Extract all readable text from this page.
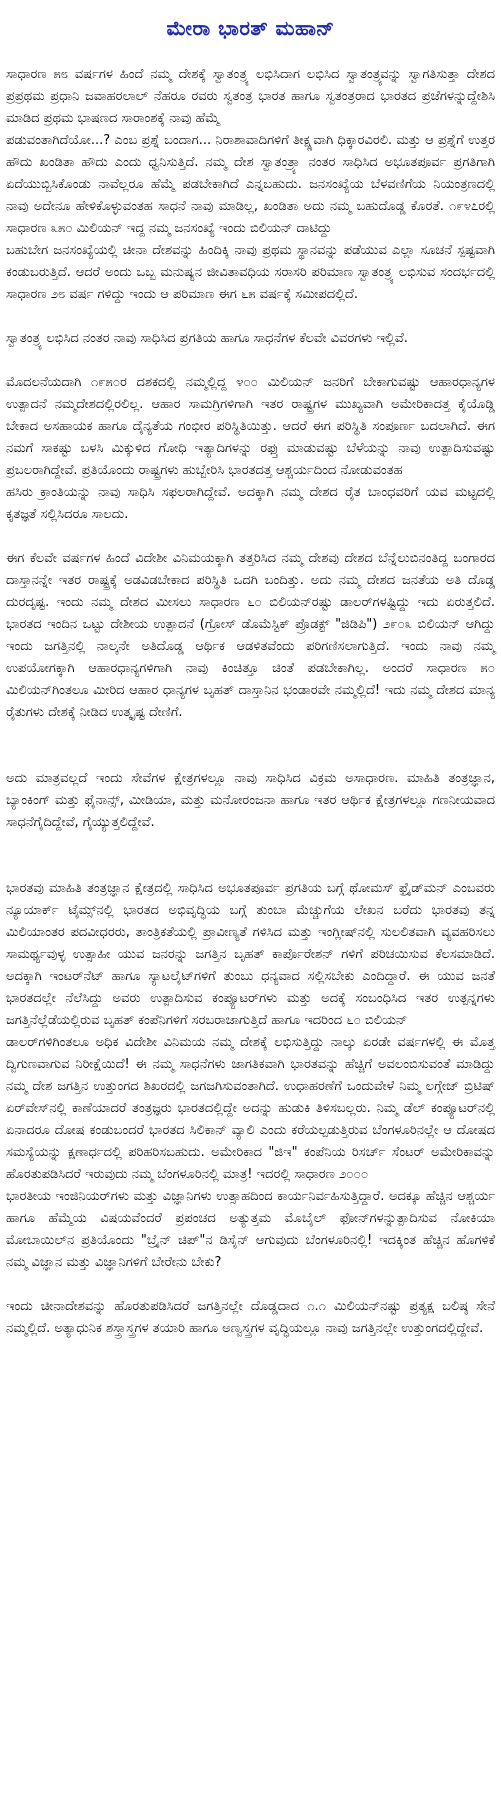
ಮೇರಾ ಭಾರತ್ ಮಹಾನ್

ಸಾಧಾರಣ ೫೮ ವರ್ಷಗಳ ಹಿಂದೆ ನಮ್ಮ ದೇಶಕ್ಕೆ ಸ್ವಾತಂತ್ರ್ಯ ಲಭಿಸಿದಾಗ ಲಭಿಸಿದ ಸ್ವಾತಂತ್ರ್ಯವನ್ನು ಸ್ವಾಗತಿಸುತ್ತಾ ದೇಶದ ಪ್ರಪ್ರಥಮ ಪ್ರಧಾನಿ ಜವಾಹರಲಾಲ್ ನೆಹರೂ ರವರು ಸ್ವತಂತ್ರ ಭಾರತ ಹಾಗೂ ಸ್ವತಂತ್ರರಾದ ಭಾರತದ ಪ್ರಜೆಗಳನ್ನುದ್ದೇಶಿಸಿ ಮಾಡಿದ ಪ್ರಥಮ ಭಾಷಣದ ಸಾರಾಂಶಕ್ಕೆ ನಾವು ಹೆಮ್ಮೆ

ಪಡುವಂತಾಗಿದೆಯೋ...? ಎಂಬ ಪ್ರಶ್ನೆ ಬಂದಾಗ... ನಿರಾಶಾವಾದಿಗಳಿಗೆ ತೀಕ್ಷ್ಣವಾಗಿ ಧಿಕ್ಕಾರವಿರಲಿ. ಮತ್ತು ಆ ಪ್ರಶ್ನೆಗೆ ಉತ್ತರ ಹೌದು ಖಂಡಿತಾ ಹೌದು ಎಂದು ಧ್ವನಿಸುತ್ತಿದೆ. ನಮ್ಮ ದೇಶ ಸ್ವಾತಂತ್ರ್ಯಾ ನಂತರ ಸಾಧಿಸಿದ ಅಭೂತಪೂರ್ವ ಪ್ರಗತಿಗಾಗಿ ಏದೆಯುಬ್ಬಿಸಿಕೊಂಡು ನಾವೆಲ್ಲರೂ ಹೆಮ್ಮೆ ಪಡಬೇಕಾಗಿದೆ ಎನ್ನಬಹುದು. ಜನಸಂಖ್ಯೆಯ ಬೆಳವಣಿಗೆಯ ನಿಯಂತ್ರಣದಲ್ಲಿ ನಾವು ಅದೇನೂ ಹೇಳಿಕೊಳ್ಳುವಂತಹ ಸಾಧನೆ ನಾವು ಮಾಡಿಲ್ಲ, ಖಂಡಿತಾ ಅದು ನಮ್ಮ ಬಹುದೊಡ್ಡ ಕೊರತೆ. ೧೯೪೭ರಲ್ಲಿ ಸಾಧಾರಣ ೩೫೦ ಮಿಲಿಯನ್ ಇದ್ದ ನಮ್ಮ ಜನಸಂಖ್ಯೆ ಇಂದು ಬಿಲಿಯನ್ ದಾಟಿದ್ದು

ಬಹುಬೇಗ ಜನಸಂಖ್ಯೆಯಲ್ಲಿ ಚೀನಾ ದೇಶವನ್ನು ಹಿಂದಿಕ್ಕಿ ನಾವು ಪ್ರಥಮ ಸ್ಥಾನವನ್ನು ಪಡೆಯುವ ಎಲ್ಲಾ ಸೂಚನೆ ಸ್ಪಷ್ಟವಾಗಿ ಕಂಡುಬರುತ್ತಿದೆ. ಆದರೆ ಅಂದು ಒಬ್ಬ ಮನುಷ್ಯನ ಜೀವಿತಾವಧಿಯ ಸರಾಸರಿ ಪರಿಮಾಣ ಸ್ವಾತಂತ್ರ್ಯ ಲಭಿಸುವ ಸಂದರ್ಭದಲ್ಲಿ ಸಾಧಾರಣ ೨೮ ವರ್ಷ ಗಳಿದ್ದು ಇಂದು ಆ ಪರಿಮಾಣ ಈಗ ೬೫ ವರ್ಷಕ್ಕೆ ಸಮೀಪದಲ್ಲಿದೆ.

ಸ್ವಾತಂತ್ರ್ಯ ಲಭಿಸಿದ ನಂತರ ನಾವು ಸಾಧಿಸಿದ ಪ್ರಗತಿಯ ಹಾಗೂ ಸಾಧನೆಗಳ ಕೆಲವೇ ವಿವರಗಳು ಇಲ್ಲಿವೆ.

ಮೊದಲನೆಯದಾಗಿ ೧೯೫೦ರ ದಶಕದಲ್ಲಿ ನಮ್ಮಲ್ಲಿದ್ದ ೪೦೦ ಮಿಲಿಯನ್ ಜನರಿಗೆ ಬೇಕಾಗುವಷ್ಟು ಆಹಾರಧಾನ್ಯಗಳ ಉತ್ಪಾದನೆ ನಮ್ಮದೇಶದಲ್ಲಿರಲಿಲ್ಲ. ಆಹಾರ ಸಾಮಗ್ರಿಗಳಿಗಾಗಿ ಇತರ ರಾಷ್ಟ್ರಗಳ ಮುಖ್ಯವಾಗಿ ಅಮೇರಿಕಾದತ್ತ ಕೈಯೊಡ್ಡಿ ಬೇಕಾದ ಅಸಹಾಯಕ ಹಾಗೂ ದೈನ್ಯತೆಯ ಗಂಭೀರ ಪರಿಸ್ಥಿತಿಯಿತ್ತು. ಆದರೆ ಈಗ ಪರಿಸ್ಥಿತಿ ಸಂಪೂರ್ಣ ಬದಲಾಗಿದೆ. ಈಗ ನಮಗೆ ಸಾಕಷ್ಟು ಬಳಸಿ ಮಿಕ್ಕುಳಿದ ಗೋಧಿ ಇತ್ಯಾದಿಗಳನ್ನು ರಫ್ತು ಮಾಡುವಷ್ಟು ಬೆಳೆಯನ್ನು ನಾವು ಉತ್ಪಾದಿಸುವಷ್ಟು ಪ್ರಬಲರಾಗಿದ್ದೇವೆ. ಪ್ರತಿಯೊಂದು ರಾಷ್ಟ್ರಗಳು ಹುಬ್ಬೇರಿಸಿ ಭಾರತದತ್ತ ಆಶ್ಚರ್ಯದಿಂದ ನೋಡುವಂತಹ

ಹಸಿರು ಕ್ರಾಂತಿಯನ್ನು ನಾವು ಸಾಧಿಸಿ ಸಫಲರಾಗಿದ್ದೇವೆ. ಅದಕ್ಕಾಗಿ ನಮ್ಮ ದೇಶದ ರೈತ ಬಾಂಧವರಿಗೆ ಯವ ಮಟ್ಟದಲ್ಲಿ ಕೃತಜ್ಞತೆ ಸಲ್ಲಿಸಿದರೂ ಸಾಲದು.

ಈಗ ಕೆಲವೇ ವರ್ಷಗಳ ಹಿಂದೆ ವಿದೇಶೀ ವಿನಿಮಯಕ್ಕಾಗಿ ತತ್ತರಿಸಿದ ನಮ್ಮ ದೇಶವು ದೇಶದ ಬೆನ್ನೆಲುಬಿನಂತಿದ್ದ ಬಂಗಾರದ ದಾಸ್ತಾನನ್ನೇ ಇತರ ರಾಷ್ಟ್ರಕ್ಕೆ ಅಡವಿಡಬೇಕಾದ ಪರಿಸ್ಥಿತಿ ಒದಗಿ ಬಂದಿತ್ತು. ಅದು ನಮ್ಮ ದೇಶದ ಜನತೆಯ ಅತಿ ದೊಡ್ಡ ದುರದೃಷ್ಟ. ಇಂದು ನಮ್ಮ ದೇಶದ ಮೀಸಲು ಸಾಧಾರಣ ೬೦ ಬಿಲಿಯನ್‌ರಷ್ಟು ಡಾಲರ್‌ಗಳಷ್ಟಿದ್ದು ಇದು ಏರುತ್ತಲಿದೆ. ಭಾರತದ ಇಂದಿನ ಒಟ್ಟು ದೇಶೀಯ ಉತ್ಪಾದನೆ (ಗ್ರೋಸ್ ಡೊಮೆಸ್ಟಿಕ್ ಪ್ರೊಡಕ್ಟ್ "ಜಿಡಿಪಿ") ೨೯೦೩ ಬಿಲಿಯನ್ ಆಗಿದ್ದು ಇಂದು ಜಗತ್ತಿನಲ್ಲಿ ನಾಲ್ಕನೇ ಅತಿದೊಡ್ಡ ಆರ್ಥಿಕ ಆಡಳಿತವೆಂದು ಪರಿಗಣಿಸಲಾಗುತ್ತಿದೆ. ಇಂದು ನಾವು ನಮ್ಮ ಉಪಯೋಗಕ್ಕಾಗಿ ಆಹಾರಧಾನ್ಯಗಳಿಗಾಗಿ ನಾವು ಕಿಂಚಿತ್ತೂ ಚಿಂತೆ ಪಡಬೇಕಾಗಿಲ್ಲ. ಅಂದರೆ ಸಾಧಾರಣ ೫೦ ಮಿಲಿಯನ್‌ಗಿಂತಲೂ ಮೀರಿದ ಆಹಾರ ಧಾನ್ಯಗಳ ಬೃಹತ್ ದಾಸ್ತಾನಿನ ಭಂಡಾರವೇ ನಮ್ಮಲ್ಲಿದೆ! ಇದು ನಮ್ಮ ದೇಶದ ಮಾನ್ಯ ರೈತುಗಳು ದೇಶಕ್ಕೆ ನೀಡಿದ ಉತ್ಕೃಷ್ಟ ದೇಣಿಗೆ.

ಅದು ಮಾತ್ರವಲ್ಲದೆ ಇಂದು ಸೇವೆಗಳ ಕ್ಷೇತ್ರಗಳಲ್ಲೂ ನಾವು ಸಾಧಿಸಿದ ವಿಕ್ರಮ ಅಸಾಧಾರಣ. ಮಾಹಿತಿ ತಂತ್ರಜ್ಞಾನ, ಬ್ಯಾಂಕಿಂಗ್ ಮತ್ತು ಫೈನಾನ್ಸ್, ಮೀಡಿಯಾ, ಮತ್ತು ಮನೋರಂಜನಾ ಹಾಗೂ ಇತರ ಆರ್ಥಿಕ ಕ್ಷೇತ್ರಗಳಲ್ಲೂ ಗಣನೀಯವಾದ ಸಾಧನೆಗೈದಿದ್ದೇವೆ, ಗೈಯ್ಯುತ್ತಲಿದ್ದೇವೆ.

ಭಾರತವು ಮಾಹಿತಿ ತಂತ್ರಜ್ಞಾನ ಕ್ಷೇತ್ರದಲ್ಲಿ ಸಾಧಿಸಿದ ಅಭೂತಪೂರ್ವ ಪ್ರಗತಿಯ ಬಗ್ಗೆ ಥೋಮಸ್ ಫ್ರೈಡ್‌ಮನ್ ಎಂಬವರು ನ್ಯೂಯಾರ್ಕ್ ಟೈಮ್ಸ್‌ನಲ್ಲಿ ಭಾರತದ ಅಭಿವೃದ್ಧಿಯ ಬಗ್ಗೆ ತುಂಬಾ ಮೆಚ್ಚುಗೆಯ ಲೇಖನ ಬರೆದು ಭಾರತವು ತನ್ನ ಮಿಲಿಯಾಂತರ ಪದವೀಧರರು, ತಾಂತ್ರಿಕತೆಯಲ್ಲಿ ಪ್ರಾವೀಣ್ಯತೆ ಗಳಿಸಿದ ಮತ್ತು ಇಂಗ್ಲೀಷ್‌ನಲ್ಲಿ ಸುಲಲಿತವಾಗಿ ವ್ಯವಹರಿಸಲು ಸಾಮರ್ಥ್ಯವುಳ್ಳ ಉತ್ಸಾಹೀ ಯುವ ಜನರನ್ನು ಜಗತ್ತಿನ ಬೃಹತ್ ಕಾರ್ಪೊರೇಶನ್ ಗಳಿಗೆ ಪರಿಚಯಿಸುವ ಕೆಲಸಮಾಡಿದೆ. ಅದಕ್ಕಾಗಿ ಇಂಟರ್‌ನೆಟ್ ಹಾಗೂ ಸ್ಯಾಟಲೈಟ್‌ಗಳಿಗೆ ತುಂಬು ಧನ್ಯವಾದ ಸಲ್ಲಿಸಬೇಕು ಎಂದಿದ್ದಾರೆ. ಈ ಯುವ ಜನತೆ ಭಾರತದಲ್ಲೇ ನೆಲೆಸಿದ್ದು ಅವರು ಉತ್ಪಾದಿಸುವ ಕಂಪ್ಯೂಟರ್‌ಗಳು ಮತ್ತು ಅದಕ್ಕೆ ಸಂಬಂಧಿಸಿದ ಇತರ ಉತ್ಪನ್ನಗಳು ಜಗತ್ತಿನೆಲ್ಲೆಡೆಯಲ್ಲಿರುವ ಬೃಹತ್ ಕಂಪೆನಿಗಳಿಗೆ ಸರಬರಾಜಾಗುತ್ತಿದೆ ಹಾಗೂ ಇದರಿಂದ ೬೦ ಬಿಲಿಯನ್

ಡಾಲರ್‌ಗಳಿಗಿಂತಲೂ ಅಧಿಕ ವಿದೇಶೀ ವಿನಿಮಯ ನಮ್ಮ ದೇಶಕ್ಕೆ ಲಭಿಸುತ್ತಿದ್ದು ನಾಲ್ಕು ಏರಡೇ ವರ್ಷಗಳಲ್ಲಿ ಈ ಮೊತ್ತ ದ್ವಿಗುಣವಾಗುವ ನಿರೀಕ್ಷೆಯಿದೆ! ಈ ನಮ್ಮ ಸಾಧನೆಗಳು ಜಾಗತಿಕವಾಗಿ ಭಾರತವನ್ನು ಹೆಚ್ಚಿಗೆ ಅವಲಂಬಿಸುವಂತೆ ಮಾಡಿದ್ದು ನಮ್ಮ ದೇಶ ಜಗತ್ತಿನ ಉತ್ತುಂಗದ ಶಿಖರದಲ್ಲಿ ಜಗಜಗಿಸುವಂತಾಗಿದೆ. ಉಧಾಹರಣೆಗೆ ಒಂದುವೇಳೆ ನಿಮ್ಮ ಲಗ್ಗೇಜ್ ಬ್ರಿಟಿಷ್ ಏರ್‌ವೇಸ್‌ನಲ್ಲಿ ಕಾಣೆಯಾದರೆ ತಂತ್ರಜ್ಞರು ಭಾರತದಲ್ಲಿದ್ದೇ ಅದನ್ನು ಹುಡುಕಿ ತಿಳಿಸಬಲ್ಲರು. ನಿಮ್ಮ ಡೆಲ್ ಕಂಪ್ಯೂಟರ್‌ನಲ್ಲಿ ಏನಾದರೂ ದೋಷ ಕಂಡುಬಂದರೆ ಭಾರತದ ಸಿಲಿಕಾನ್ ವ್ಯಾಲಿ ಎಂದು ಕರೆಯಲ್ಪಡುತ್ತಿರುವ ಬೆಂಗಳೂರಿನಲ್ಲೇ ಆ ದೋಷದ ಸಮಸ್ಯೆಯನ್ನು ಕ್ಷಣಾರ್ಧದಲ್ಲಿ ಪರಿಹರಿಸಬಹುದು. ಅಮೇರಿಕಾದ "ಜಿಇ" ಕಂಪೆನಿಯ ರಿಸರ್ಚ್ ಸೆಂಟರ್ ಅಮೇರಿಕಾವನ್ನು ಹೊರತುಪಡಿಸಿದರೆ ಇರುವುದು ನಮ್ಮ ಬೆಂಗಳೂರಿನಲ್ಲಿ ಮಾತ್ರ! ಇದರಲ್ಲಿ ಸಾಧಾರಣ ೨೦೦೦

ಭಾರತೀಯ ಇಂಜಿನಿಯರ್‌ಗಳು ಮತ್ತು ವಿಜ್ಞಾನಿಗಳು ಉತ್ಸಾಹದಿಂದ ಕಾರ್ಯನಿರ್ವಹಿಸುತ್ತಿದ್ದಾರೆ. ಅದಕ್ಕೂ ಹೆಚ್ಚಿನ ಆಶ್ಚರ್ಯ ಹಾಗೂ ಹೆಮ್ಮೆಯ ವಿಷಯವೆಂದರೆ ಪ್ರಪಂಚದ ಅತ್ಯುತ್ತಮ ಮೊಬೈಲ್ ಫೋನ್‌ಗಳನ್ನುತ್ಪಾದಿಸುವ ನೋಕಿಯಾ ಮೋಬಾಯಿಲ್‌ನ ಪ್ರತಿಯೊಂದು "ಬ್ರೈನ್ ಚಿಪ್"ನ ಡಿಸೈನ್ ಆಗುವುದು ಬೆಂಗಳೂರಿನಲ್ಲಿ! ಇದಕ್ಕಿಂತ ಹೆಚ್ಚಿನ ಹೊಗಳಿಕೆ ನಮ್ಮ ವಿಜ್ಞಾನ ಮತ್ತು ವಿಜ್ಞಾನಿಗಳಿಗೆ ಬೇರೇನು ಬೇಕು?

ಇಂದು ಚೀನಾದೇಶವನ್ನು ಹೊರತುಪಡಿಸಿದರೆ ಜಗತ್ತಿನಲ್ಲೇ ದೊಡ್ಡದಾದ ೧.೧ ಮಿಲಿಯನ್‌ನಷ್ಟು ಪ್ರತ್ಯಕ್ಷ ಬಲಿಷ್ಠ ಸೇನೆ ನಮ್ಮಲ್ಲಿದೆ. ಅತ್ಯಾಧುನಿಕ ಶಸ್ತ್ರಾಸ್ತ್ರಗಳ ತಯಾರಿ ಹಾಗೂ ಅಣ್ವಸ್ತ್ರಗಳ ವೃದ್ಧಿಯಲ್ಲೂ ನಾವು ಜಗತ್ತಿನಲ್ಲೇ ಉತ್ತುಂಗದಲ್ಲಿದ್ದೇವೆ.
